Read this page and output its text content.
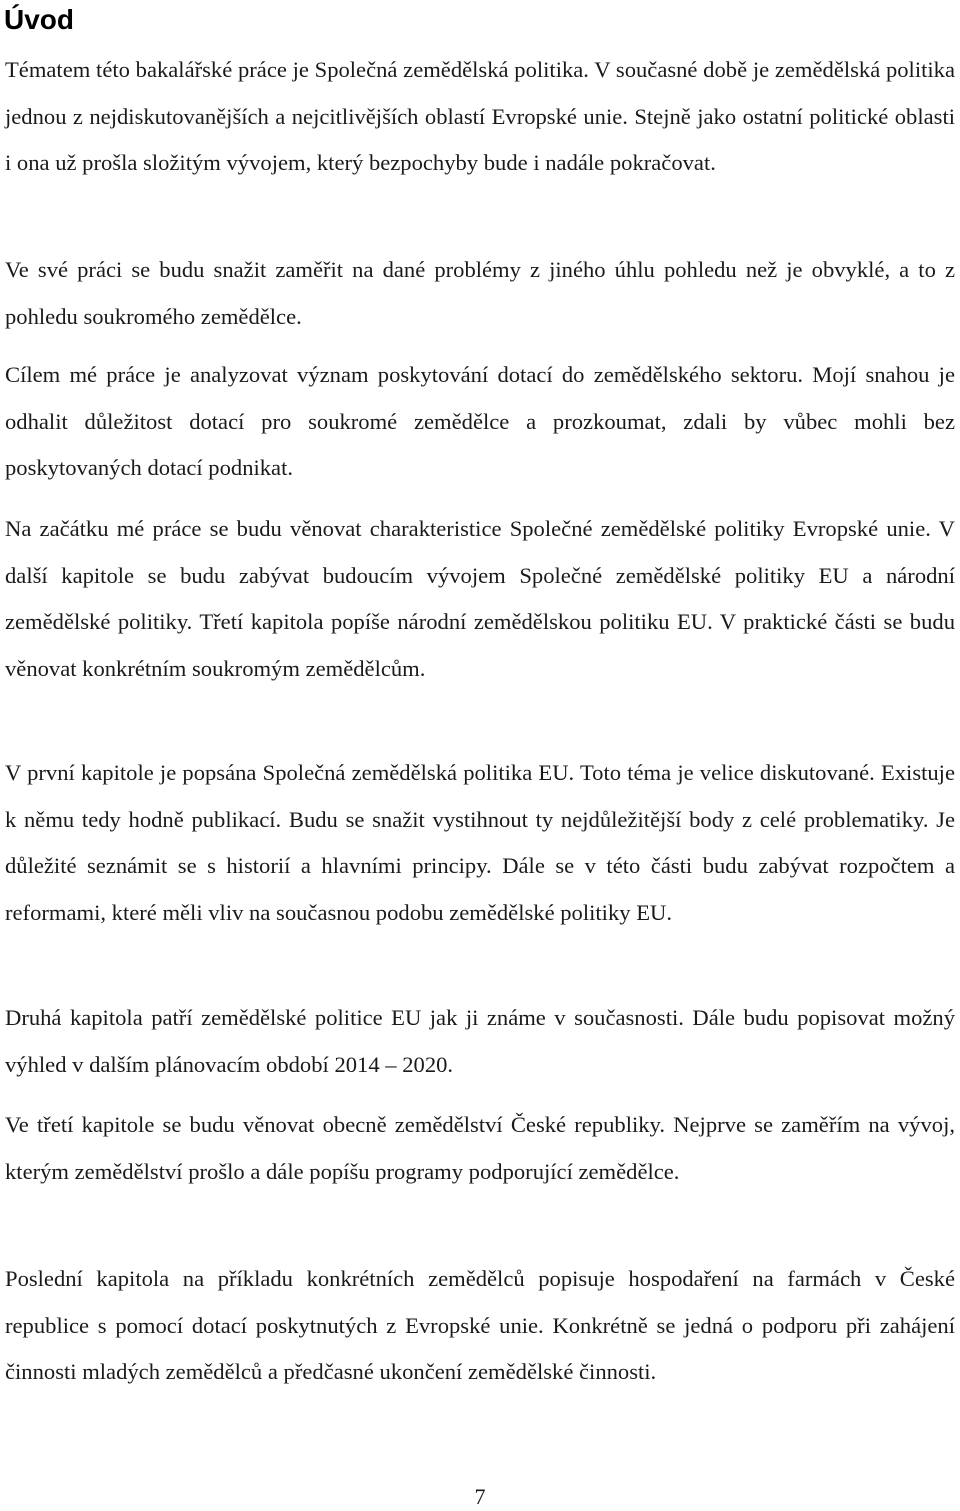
Úvod

Tématem této bakalářské práce je Společná zemědělská politika. V současné době je zemědělská politika jednou z nejdiskutovanějších a nejcitlivějších oblastí Evropské unie. Stejně jako ostatní politické oblasti i ona už prošla složitým vývojem, který bezpochyby bude i nadále pokračovat.

Ve své práci se budu snažit zaměřit na dané problémy z jiného úhlu pohledu než je obvyklé, a to z pohledu soukromého zemědělce.

Cílem mé práce je analyzovat význam poskytování dotací do zemědělského sektoru. Mojí snahou je odhalit důležitost dotací pro soukromé zemědělce a prozkoumat, zdali by vůbec mohli bez poskytovaných dotací podnikat.

Na začátku mé práce se budu věnovat charakteristice Společné zemědělské politiky Evropské unie. V další kapitole se budu zabývat budoucím vývojem Společné zemědělské politiky EU a národní zemědělské politiky. Třetí kapitola popíše národní zemědělskou politiku EU. V praktické části se budu věnovat konkrétním soukromým zemědělcům.

V první kapitole je popsána Společná zemědělská politika EU. Toto téma je velice diskutované. Existuje k němu tedy hodně publikací. Budu se snažit vystihnout ty nejdůležitější body z celé problematiky. Je důležité seznámit se s historií a hlavními principy. Dále se v této části budu zabývat rozpočtem a reformami, které měli vliv na současnou podobu zemědělské politiky EU.

Druhá kapitola patří zemědělské politice EU jak ji známe v současnosti. Dále budu popisovat možný výhled v dalším plánovacím období 2014 – 2020.

Ve třetí kapitole se budu věnovat obecně zemědělství České republiky. Nejprve se zaměřím na vývoj, kterým zemědělství prošlo a dále popíšu programy podporující zemědělce.

Poslední kapitola na příkladu konkrétních zemědělců popisuje hospodaření na farmách v České republice s pomocí dotací poskytnutých z Evropské unie. Konkrétně se jedná o podporu při zahájení činnosti mladých zemědělců a předčasné ukončení zemědělské činnosti.

7
